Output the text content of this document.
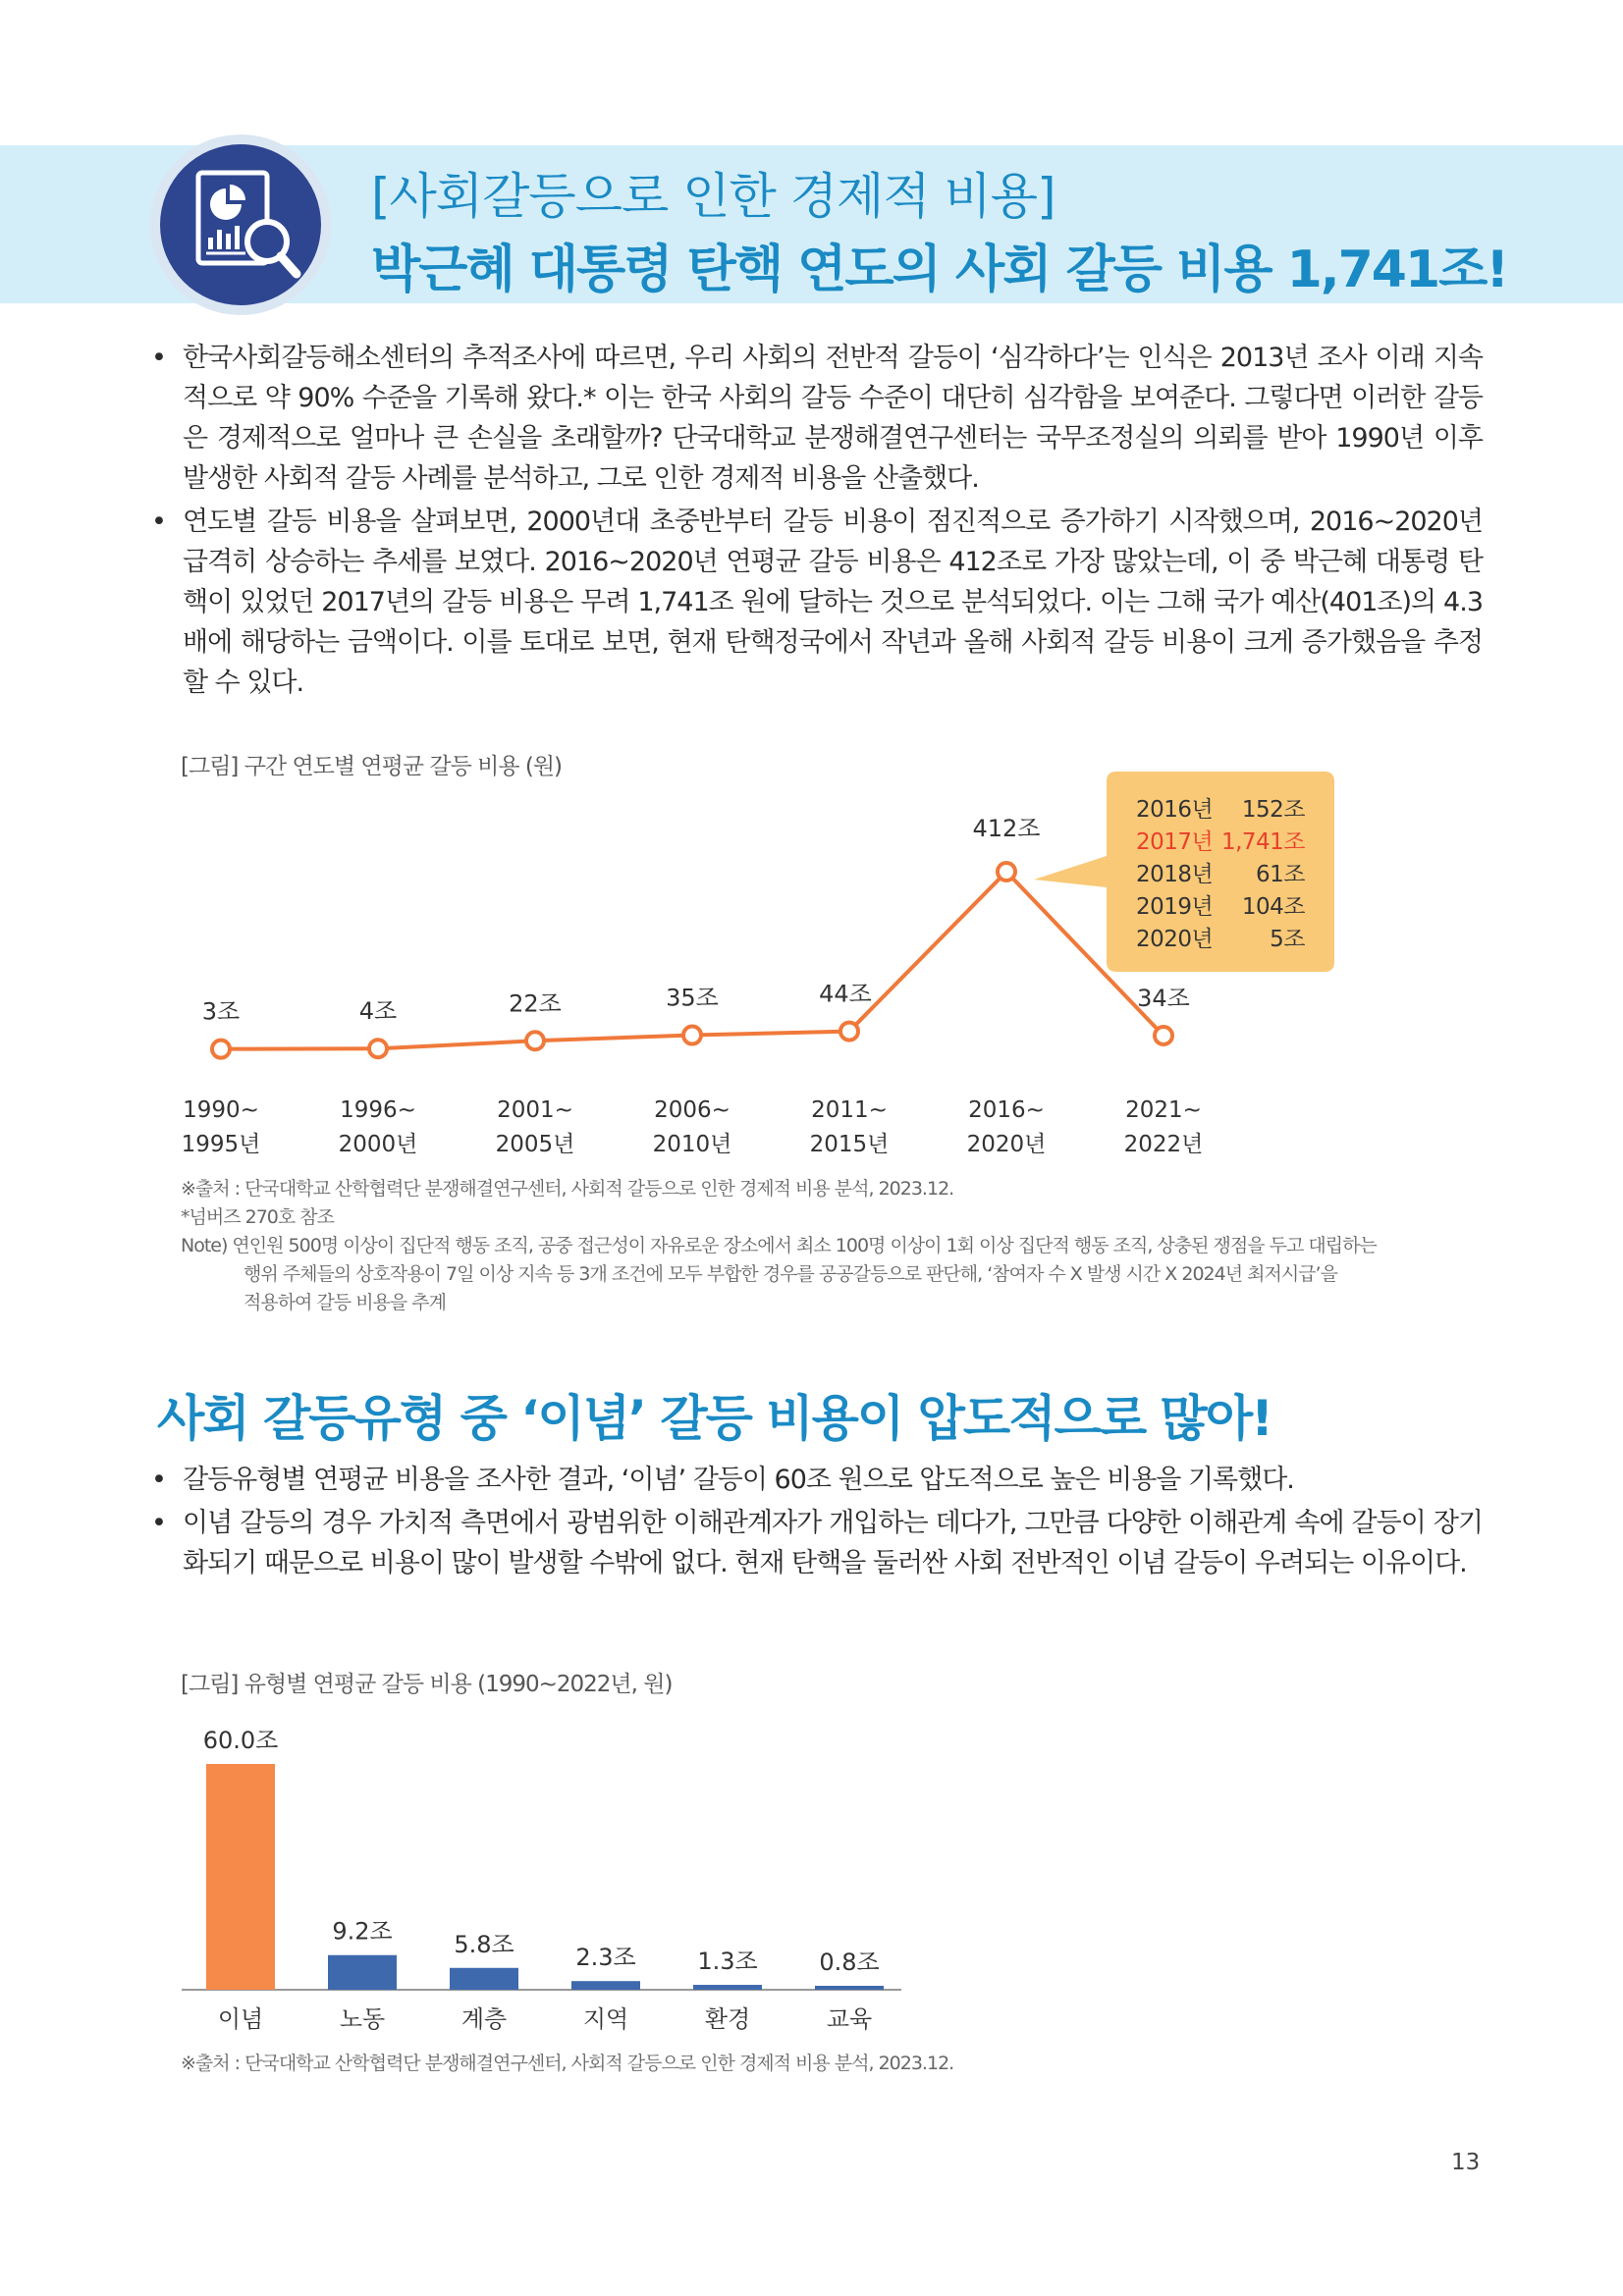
[사회갈등으로 인한 경제적 비용]
박근혜 대통령 탄핵 연도의 사회 갈등 비용 1,741조!
• 한국사회갈등해소센터의 추적조사에 따르면, 우리 사회의 전반적 갈등이 ‘심각하다’는 인식은 2013년 조사 이래 지속적으로 약 90% 수준을 기록해 왔다.* 이는 한국 사회의 갈등 수준이 대단히 심각함을 보여준다. 그렇다면 이러한 갈등은 경제적으로 얼마나 큰 손실을 초래할까? 단국대학교 분쟁해결연구센터는 국무조정실의 의뢰를 받아 1990년 이후 발생한 사회적 갈등 사례를 분석하고, 그로 인한 경제적 비용을 산출했다.
• 연도별 갈등 비용을 살펴보면, 2000년대 초중반부터 갈등 비용이 점진적으로 증가하기 시작했으며, 2016~2020년 급격히 상승하는 추세를 보였다. 2016~2020년 연평균 갈등 비용은 412조로 가장 많았는데, 이 중 박근혜 대통령 탄핵이 있었던 2017년의 갈등 비용은 무려 1,741조 원에 달하는 것으로 분석되었다. 이는 그해 국가 예산(401조)의 4.3배에 해당하는 금액이다. 이를 토대로 보면, 현재 탄핵정국에서 작년과 올해 사회적 갈등 비용이 크게 증가했음을 추정할 수 있다.
[그림] 구간 연도별 연평균 갈등 비용 (원)
2016년 152조
2017년 1,741조
2018년 61조
2019년 104조
2020년	5조
3조	4조	22조	35조	44조
412조
34조
1990~
1995년
1996~
2000년
2001~
2005년
2006~
2010년
2011~
2015년
2016~
2020년
2021~
2022년

※출처 : 단국대학교 산학협력단 분쟁해결연구센터, 사회적 갈등으로 인한 경제적 비용 분석, 2023.12.

*넘버즈 270호 참조

Note) 연인원 500명 이상이 집단적 행동 조직, 공중 접근성이 자유로운 장소에서 최소 100명 이상이 1회 이상 집단적 행동 조직, 상충된 쟁점을 두고 대립하는

행위 주체들의 상호작용이 7일 이상 지속 등 3개 조건에 모두 부합한 경우를 공공갈등으로 판단해, ‘참여자 수 X 발생 시간 X 2024년 최저시급’을

적용하여 갈등 비용을 추계

사회 갈등유형 중 ‘이념’ 갈등 비용이 압도적으로 많아!
• 갈등유형별 연평균 비용을 조사한 결과, ‘이념’ 갈등이 60조 원으로 압도적으로 높은 비용을 기록했다.
• 이념 갈등의 경우 가치적 측면에서 광범위한 이해관계자가 개입하는 데다가, 그만큼 다양한 이해관계 속에 갈등이 장기화되기 때문으로 비용이 많이 발생할 수밖에 없다. 현재 탄핵을 둘러싼 사회 전반적인 이념 갈등이 우려되는 이유이다.
[그림] 유형별 연평균 갈등 비용 (1990~2022년, 원)
60.0조
이념
9.2조
노동
5.8조
계층
2.3조
지역
1.3조
환경
0.8조
교육
※출처 : 단국대학교 산학협력단 분쟁해결연구센터, 사회적 갈등으로 인한 경제적 비용 분석, 2023.12.
13
